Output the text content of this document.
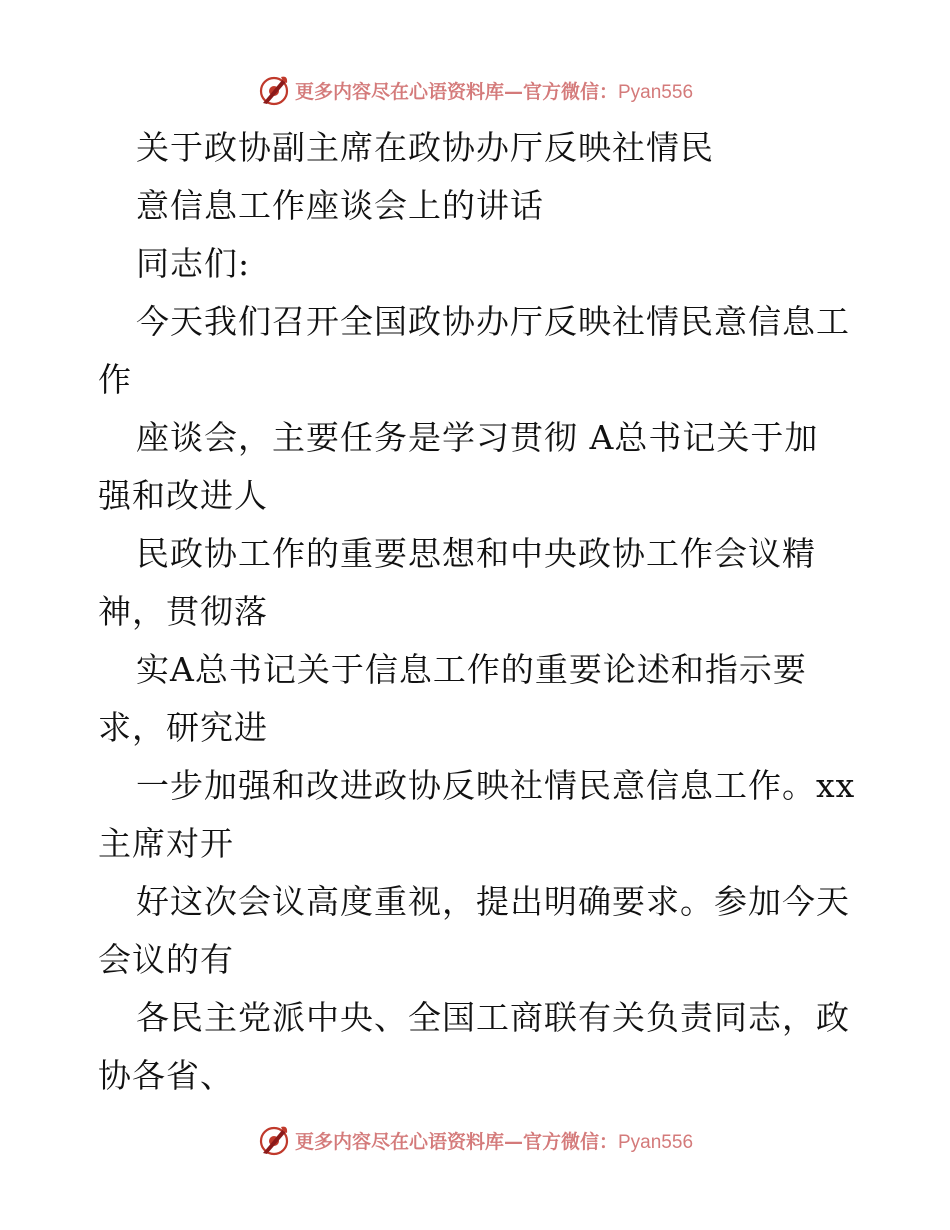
更多内容尽在心语资料库—官方微信：Pyan556
关于政协副主席在政协办厅反映社情民
意信息工作座谈会上的讲话
同志们:
今天我们召开全国政协办厅反映社情民意信息工
作
座谈会，主要任务是学习贯彻 A总书记关于加
强和改进人
民政协工作的重要思想和中央政协工作会议精
神，贯彻落
实A总书记关于信息工作的重要论述和指示要
求，研究进
一步加强和改进政协反映社情民意信息工作。xx
主席对开
好这次会议高度重视，提出明确要求。参加今天
会议的有
各民主党派中央、全国工商联有关负责同志，政
协各省、
更多内容尽在心语资料库—官方微信：Pyan556
